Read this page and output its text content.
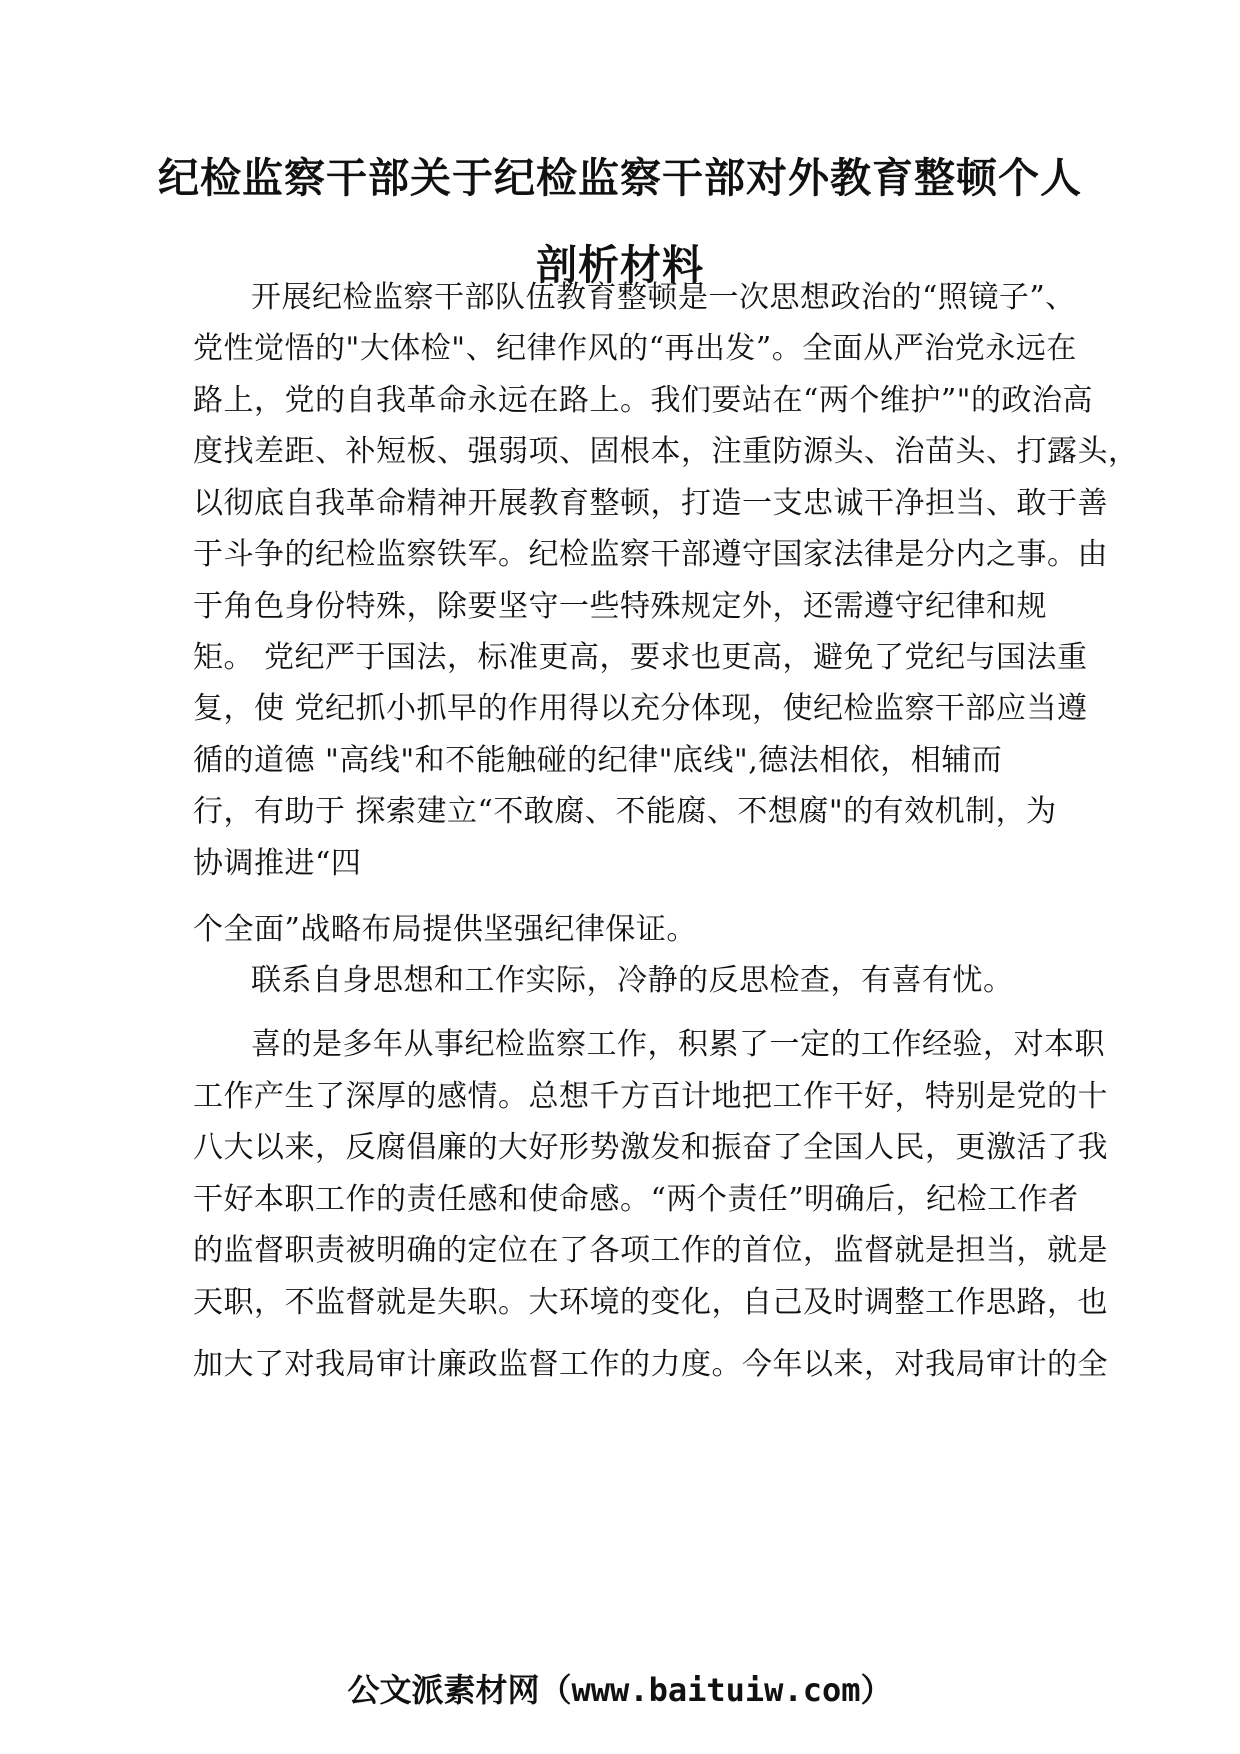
纪检监察干部关于纪检监察干部对外教育整顿个人
剖析材料
开展纪检监察干部队伍教育整顿是一次思想政治的“照镜子”、
党性觉悟的"大体检"、纪律作风的“再出发”。全面从严治党永远在
路上，党的自我革命永远在路上。我们要站在“两个维护”"的政治高
度找差距、补短板、强弱项、固根本，注重防源头、治苗头、打露头，
以彻底自我革命精神开展教育整顿，打造一支忠诚干净担当、敢于善
于斗争的纪检监察铁军。纪检监察干部遵守国家法律是分内之事。由
于角色身份特殊，除要坚守一些特殊规定外，还需遵守纪律和规
矩。 党纪严于国法，标准更高，要求也更高，避免了党纪与国法重
复，使 党纪抓小抓早的作用得以充分体现，使纪检监察干部应当遵
循的道德 "高线"和不能触碰的纪律"底线",德法相依，相辅而
行，有助于 探索建立“不敢腐、不能腐、不想腐"的有效机制，为
协调推进“四
个全面”战略布局提供坚强纪律保证。
联系自身思想和工作实际，冷静的反思检查，有喜有忧。
喜的是多年从事纪检监察工作，积累了一定的工作经验，对本职
工作产生了深厚的感情。总想千方百计地把工作干好，特别是党的十
八大以来，反腐倡廉的大好形势激发和振奋了全国人民，更激活了我
干好本职工作的责任感和使命感。“两个责任”明确后，纪检工作者
的监督职责被明确的定位在了各项工作的首位，监督就是担当，就是
天职，不监督就是失职。大环境的变化，自己及时调整工作思路，也
加大了对我局审计廉政监督工作的力度。今年以来，对我局审计的全
公文派素材网（www.baituiw.com）
